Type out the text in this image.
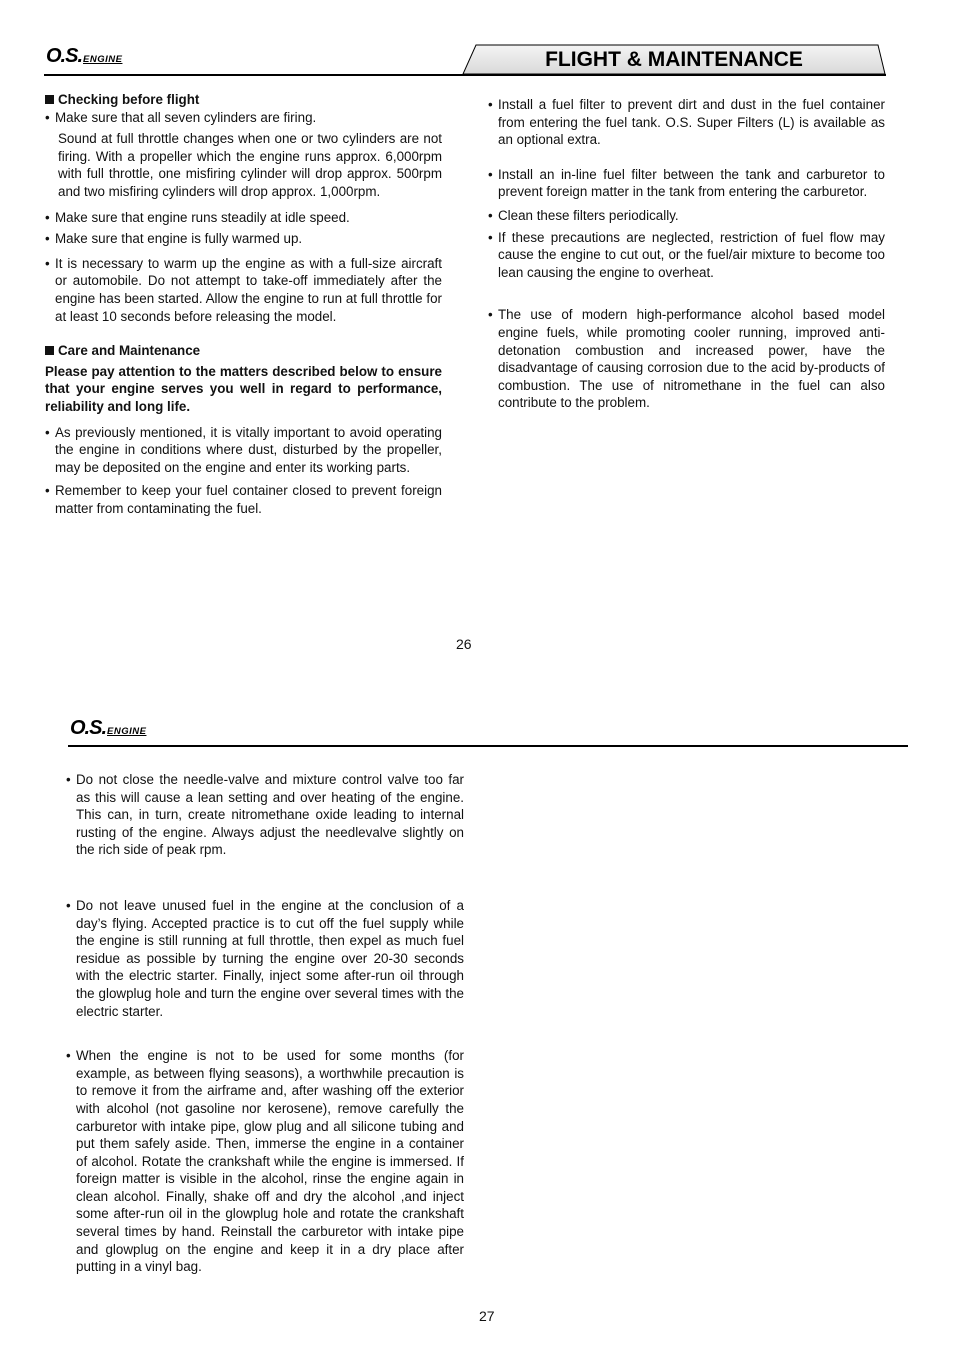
O.S.ENGINE	FLIGHT & MAINTENANCE

Checking before flight

• Make sure that all seven cylinders are firing.

Sound at full throttle changes when one or two cylinders are not firing. With a propeller which the engine runs approx. 6,000rpm with full throttle, one misfiring cylinder will drop approx. 500rpm and two misfiring cylinders will drop approx. 1,000rpm.

• Make sure that engine runs steadily at idle speed.
• Make sure that engine is fully warmed up.
• It is necessary to warm up the engine as with a full-size aircraft or automobile. Do not attempt to take-off immediately after the engine has been started. Allow the engine to run at full throttle for at least 10 seconds before releasing the model.

Care and Maintenance

Please pay attention to the matters described below to ensure that your engine serves you well in regard to performance, reliability and long life.

• As previously mentioned, it is vitally important to avoid operating the engine in conditions where dust, disturbed by the propeller, may be deposited on the engine and enter its working parts.
• Remember to keep your fuel container closed to prevent foreign matter from contaminating the fuel.
• Install a fuel filter to prevent dirt and dust in the fuel container from entering the fuel tank. O.S. Super Filters (L) is available as an optional extra.
• Install an in-line fuel filter between the tank and carburetor to prevent foreign matter in the tank from entering the carburetor.
• Clean these filters periodically.
• If these precautions are neglected, restriction of fuel flow may cause the engine to cut out, or the fuel/air mixture to become too lean causing the engine to overheat.
• The use of modern high-performance alcohol based model engine fuels, while promoting cooler running, improved anti-detonation combustion and increased power, have the disadvantage of causing corrosion due to the acid by-products of combustion. The use of nitromethane in the fuel can also contribute to the problem.
26
O.S.ENGINE
• Do not close the needle-valve and mixture control valve too far as this will cause a lean setting and over heating of the engine. This can, in turn, create nitromethane oxide leading to internal rusting of the engine. Always adjust the needlevalve slightly on the rich side of peak rpm.
• Do not leave unused fuel in the engine at the conclusion of a day’s flying. Accepted practice is to cut off the fuel supply while the engine is still running at full throttle, then expel as much fuel residue as possible by turning the engine over 20-30 seconds with the electric starter. Finally, inject some after-run oil through the glowplug hole and turn the engine over several times with the electric starter.
• When the engine is not to be used for some months (for example, as between flying seasons), a worthwhile precaution is to remove it from the airframe and, after washing off the exterior with alcohol (not gasoline nor kerosene), remove carefully the carburetor with intake pipe, glow plug and all silicone tubing and put them safely aside. Then, immerse the engine in a container of alcohol. Rotate the crankshaft while the engine is immersed. If foreign matter is visible in the alcohol, rinse the engine again in clean alcohol. Finally, shake off and dry the alcohol ,and inject some after-run oil in the glowplug hole and rotate the crankshaft several times by hand. Reinstall the carburetor with intake pipe and glowplug on the engine and keep it in a dry place after putting in a vinyl bag.
27
